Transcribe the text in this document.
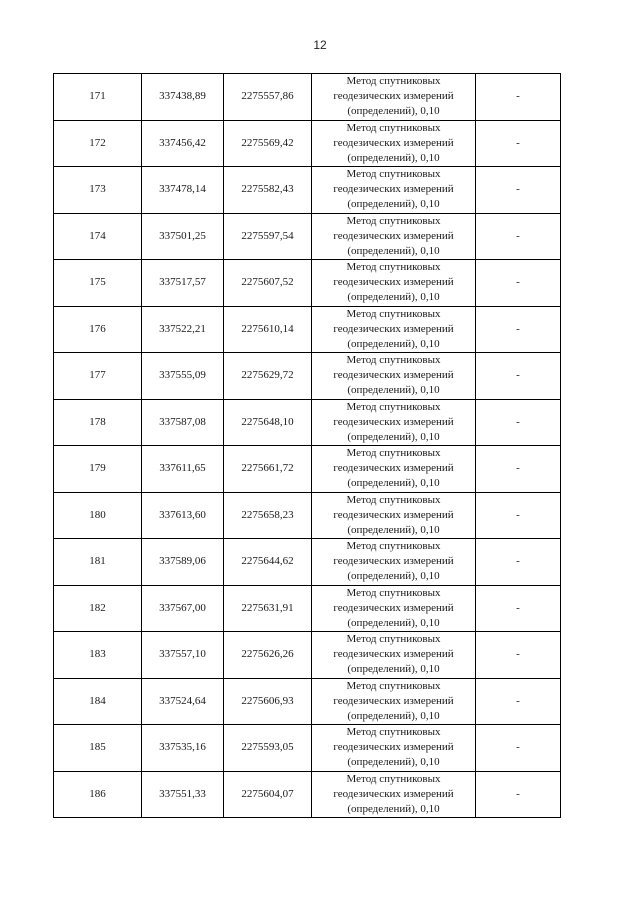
12
171	337438,89	2275557,86	Метод спутниковых
геодезических измерений
(определений), 0,10	-
172	337456,42	2275569,42	Метод спутниковых
геодезических измерений
(определений), 0,10	-
173	337478,14	2275582,43	Метод спутниковых
геодезических измерений
(определений), 0,10	-
174	337501,25	2275597,54	Метод спутниковых
геодезических измерений
(определений), 0,10	-
175	337517,57	2275607,52	Метод спутниковых
геодезических измерений
(определений), 0,10	-
176	337522,21	2275610,14	Метод спутниковых
геодезических измерений
(определений), 0,10	-
177	337555,09	2275629,72	Метод спутниковых
геодезических измерений
(определений), 0,10	-
178	337587,08	2275648,10	Метод спутниковых
геодезических измерений
(определений), 0,10	-
179	337611,65	2275661,72	Метод спутниковых
геодезических измерений
(определений), 0,10	-
180	337613,60	2275658,23	Метод спутниковых
геодезических измерений
(определений), 0,10	-
181	337589,06	2275644,62	Метод спутниковых
геодезических измерений
(определений), 0,10	-
182	337567,00	2275631,91	Метод спутниковых
геодезических измерений
(определений), 0,10	-
183	337557,10	2275626,26	Метод спутниковых
геодезических измерений
(определений), 0,10	-
184	337524,64	2275606,93	Метод спутниковых
геодезических измерений
(определений), 0,10	-
185	337535,16	2275593,05	Метод спутниковых
геодезических измерений
(определений), 0,10	-
186	337551,33	2275604,07	Метод спутниковых
геодезических измерений
(определений), 0,10	-
